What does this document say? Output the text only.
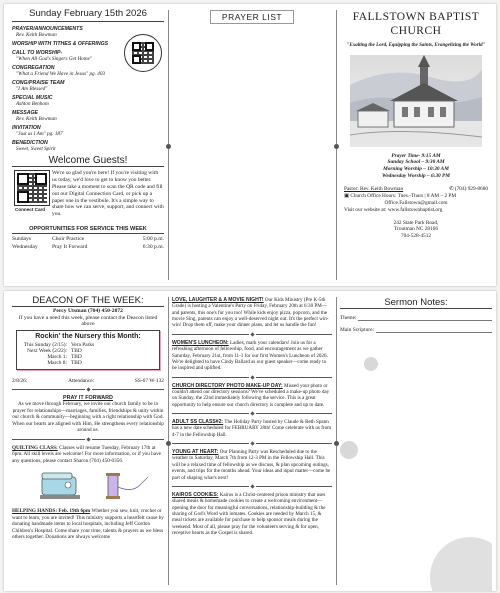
Sunday February 15th 2026
PRAYER/ANNOUNCEMENTS
Rev. Keith Bowman
WORSHIP WITH TITHES & OFFERINGS
CALL TO WORSHIP-
"When All God's Singers Get Home"
CONGREGATION
"What a Friend We Have in Jesus" pg. 403
CONG/PRAISE TEAM
"I Am Blessed"
SPECIAL MUSIC
Ashton Benhom
MESSAGE
Rev. Keith Bowman
INVITATION
"Just as I Am" pg. 187
BENEDICTION
Sweet, Sweet Spirit
Welcome Guests!
Connect Card
We're so glad you're here! If you're visiting with us today, we'd love to get to know you better. Please take a moment to scan the QR code and fill out our Digital Connection Card, or pick up a paper one in the vestibule. It's a simple way to share how we can serve, support, and connect with you.
OPPORTUNITIES FOR SERVICE THIS WEEK
Sundays	Choir Practice	5:00 p.m.
Wednesday	Pray It Forward	6:30 p.m.
PRAYER LIST	FALLSTOWN BAPTIST
CHURCH
"Exalting the Lord, Equipping the Saints, Evangelizing the World"
Prayer Time- 9:15 AM
Sunday School – 9:30 AM
Morning Worship – 10:30 AM
Wednesday Worship – 6:30 PM
Pastor: Rev. Keith Bowman	✆ (704) 929-8680
▣ Church Office Hours: Tues.-Thurs | 8 AM – 2 PM
Office.Fallstown@gmail.com
Visit our website at: www.fallstownbaptist.org
242 State Park Road,
Troutman NC 28166
704-528-4512
DEACON OF THE WEEK:
Percy Utsman (704) 450-2072
If you have a need this week, please contact the Deacon listed above
Rockin' the Nursery this Month:
This Sunday (2/15): Vera Parks
Next Week (2/22): TBD
March 1: TBD
March 8: TBD
2/8/26:	Attendance:	SS-67 W-132
PRAY IT FORWARD
As we move through February, we invite our church family to be in prayer for relationships—marriages, families, friendships & unity within our church & community—beginning with a right relationship with God. When our hearts are aligned with Him, He strengthens every relationship around us.
QUILTING CLASS: Classes will resume Tuesday, February 17th at 6pm. All skill levels are welcome! For more information, or if you have any questions, please contact Sharon (704) 450-0356.
HELPING HANDS: Feb. 19th 6pm Whether you sew, knit, crochet or want to learn, you are invited! This ministry supports a heartfelt cause by donating handmade items to local hospitals, including Jeff Gordon Children's Hospital. Come share your time, talents & prayers as we bless others together. Donations are always welcome

LOVE, LAUGHTER & A MOVIE NIGHT! Our Kids Ministry (Pre K-5th Grade) is hosting a Valentine's Party on Friday, February 20th at 6:30 PM—and parents, this one's for you too! While kids enjoy pizza, popcorn, and the movie Sing, parents can enjoy a well-deserved night out. It's the perfect win-win! Drop them off, make your dinner plans, and let us handle the fun!

WOMEN'S LUNCHEON: Ladies, mark your calendars! Join us for a refreshing afternoon of fellowship, food, and encouragement as we gather Saturday, February 21st, from 11-1 for our first Women's Luncheon of 2026. We're delighted to have Cindy Ballard as our guest speaker—come ready to be inspired and uplifted.

CHURCH DIRECTORY PHOTO MAKE-UP DAY: Missed your photo or couldn't attend our directory sessions? We've scheduled a make-up photo day on Sunday, the 22nd immediately following the service. This is a great opportunity to help ensure our church directory is complete and up to date.

ADULT SS CLASS#2: The Holiday Party hosted by Claude & Beth Spann has a new date scheduled for FEBRUARY 28th! Come celebrate with us from 4-7 in the Fellowship Hall.

YOUNG AT HEART: Our Planning Party was Rescheduled due to the weather to Saturday, March 7th from 12-3 PM in the Fellowship Hall. This will be a relaxed time of fellowship as we discuss, & plan upcoming outings, events, and trips for the months ahead. Your ideas and input matter—come be part of shaping what's next!

KAIROS COOKIES: Kairos is a Christ-centered prison ministry that uses shared meals & homemade cookies to create a welcoming environment—opening the door for meaningful conversations, relationship-building & the sharing of God's Word with inmates. Cookies are needed by March 15, & meal tickets are available for purchase to help sponsor meals during the weekend. Most of all, please pray for the volunteers serving & for open, receptive hearts as the Gospel is shared.

Sermon Notes:
Theme:
Main Scripture:
